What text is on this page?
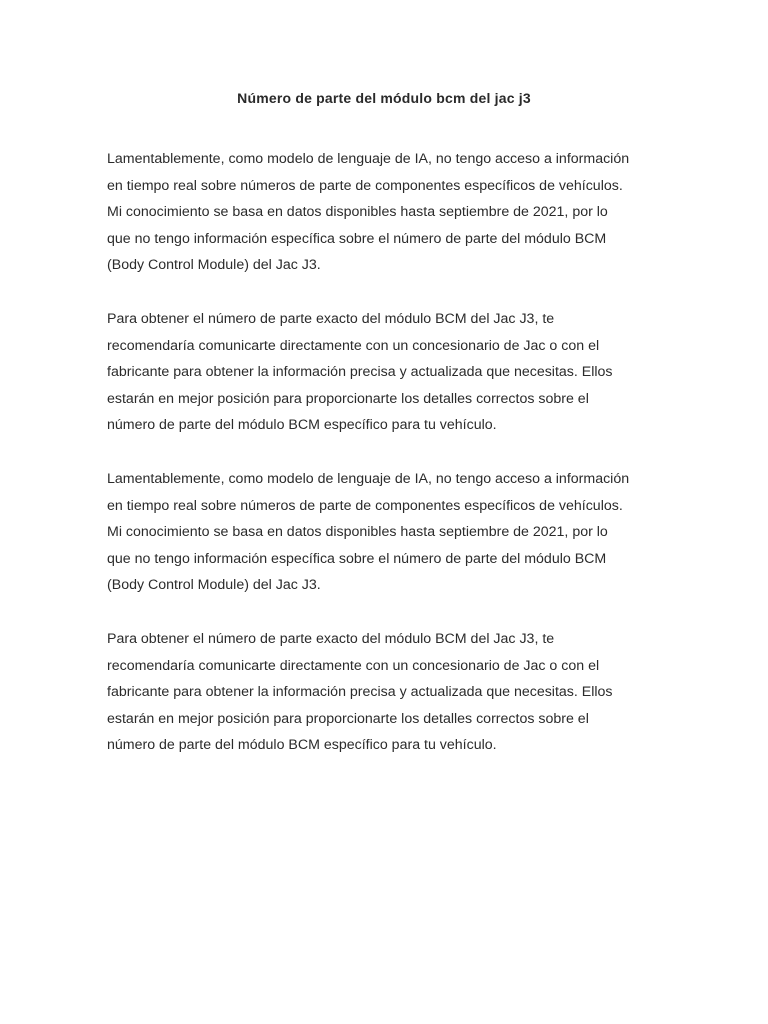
Número de parte del módulo bcm del jac j3

Lamentablemente, como modelo de lenguaje de IA, no tengo acceso a información
en tiempo real sobre números de parte de componentes específicos de vehículos.
Mi conocimiento se basa en datos disponibles hasta septiembre de 2021, por lo
que no tengo información específica sobre el número de parte del módulo BCM
(Body Control Module) del Jac J3.

Para obtener el número de parte exacto del módulo BCM del Jac J3, te
recomendaría comunicarte directamente con un concesionario de Jac o con el
fabricante para obtener la información precisa y actualizada que necesitas. Ellos
estarán en mejor posición para proporcionarte los detalles correctos sobre el
número de parte del módulo BCM específico para tu vehículo.

Lamentablemente, como modelo de lenguaje de IA, no tengo acceso a información
en tiempo real sobre números de parte de componentes específicos de vehículos.
Mi conocimiento se basa en datos disponibles hasta septiembre de 2021, por lo
que no tengo información específica sobre el número de parte del módulo BCM
(Body Control Module) del Jac J3.

Para obtener el número de parte exacto del módulo BCM del Jac J3, te
recomendaría comunicarte directamente con un concesionario de Jac o con el
fabricante para obtener la información precisa y actualizada que necesitas. Ellos
estarán en mejor posición para proporcionarte los detalles correctos sobre el
número de parte del módulo BCM específico para tu vehículo.
